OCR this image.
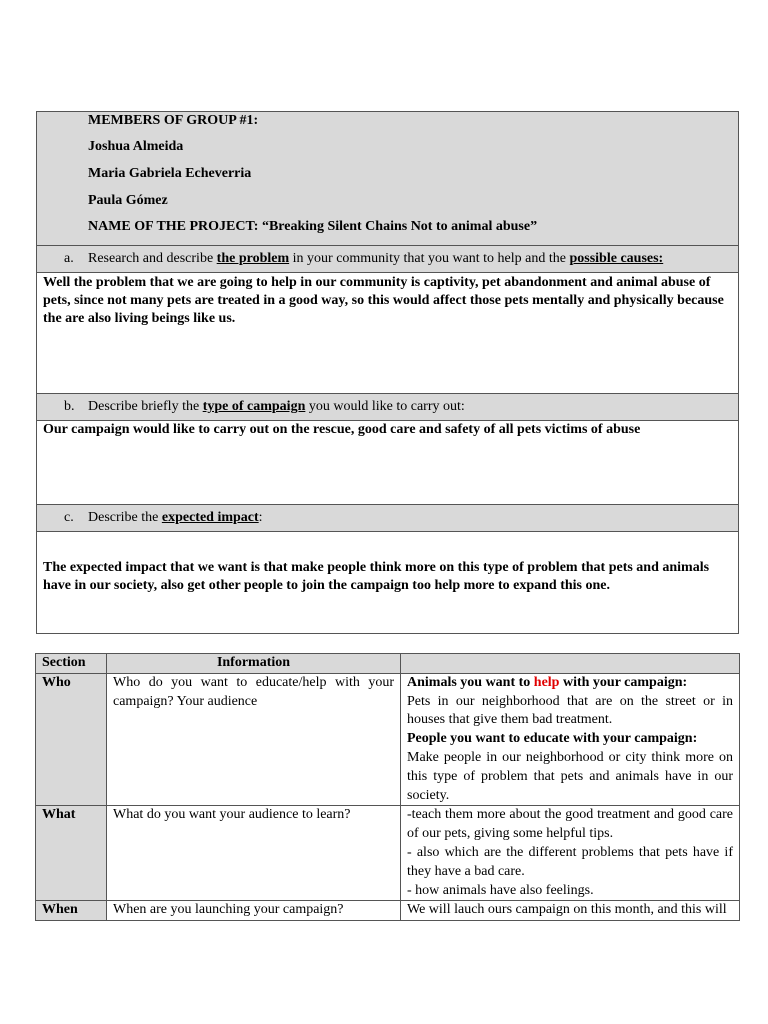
MEMBERS OF GROUP #1:
Joshua Almeida
Maria Gabriela Echeverria
Paula Gómez
NAME OF THE PROJECT: “Breaking Silent Chains Not to animal abuse”
a. Research and describe the problem in your community that you want to help and the possible causes:
Well the problem that we are going to help in our community is captivity, pet abandonment and animal abuse of pets, since not many pets are treated in a good way, so this would affect those pets mentally and physically because the are also living beings like us.
b. Describe briefly the type of campaign you would like to carry out:
Our campaign would like to carry out on the rescue, good care and safety of all pets victims of abuse
c. Describe the expected impact:
The expected impact that we want is that make people think more on this type of problem that pets and animals have in our society, also get other people to join the campaign too help more to expand this one.
Section	Information	
Who	Who do you want to educate/help with your campaign? Your audience	Animals you want to help with your campaign:
Pets in our neighborhood that are on the street or in houses that give them bad treatment.
People you want to educate with your campaign:
Make people in our neighborhood or city think more on this type of problem that pets and animals have in our society.

What	What do you want your audience to learn?	-teach them more about the good treatment and good care of our pets, giving some helpful tips.
- also which are the different problems that pets have if they have a bad care.
- how animals have also feelings.

When	When are you launching your campaign?	We will lauch ours campaign on this month, and this will
